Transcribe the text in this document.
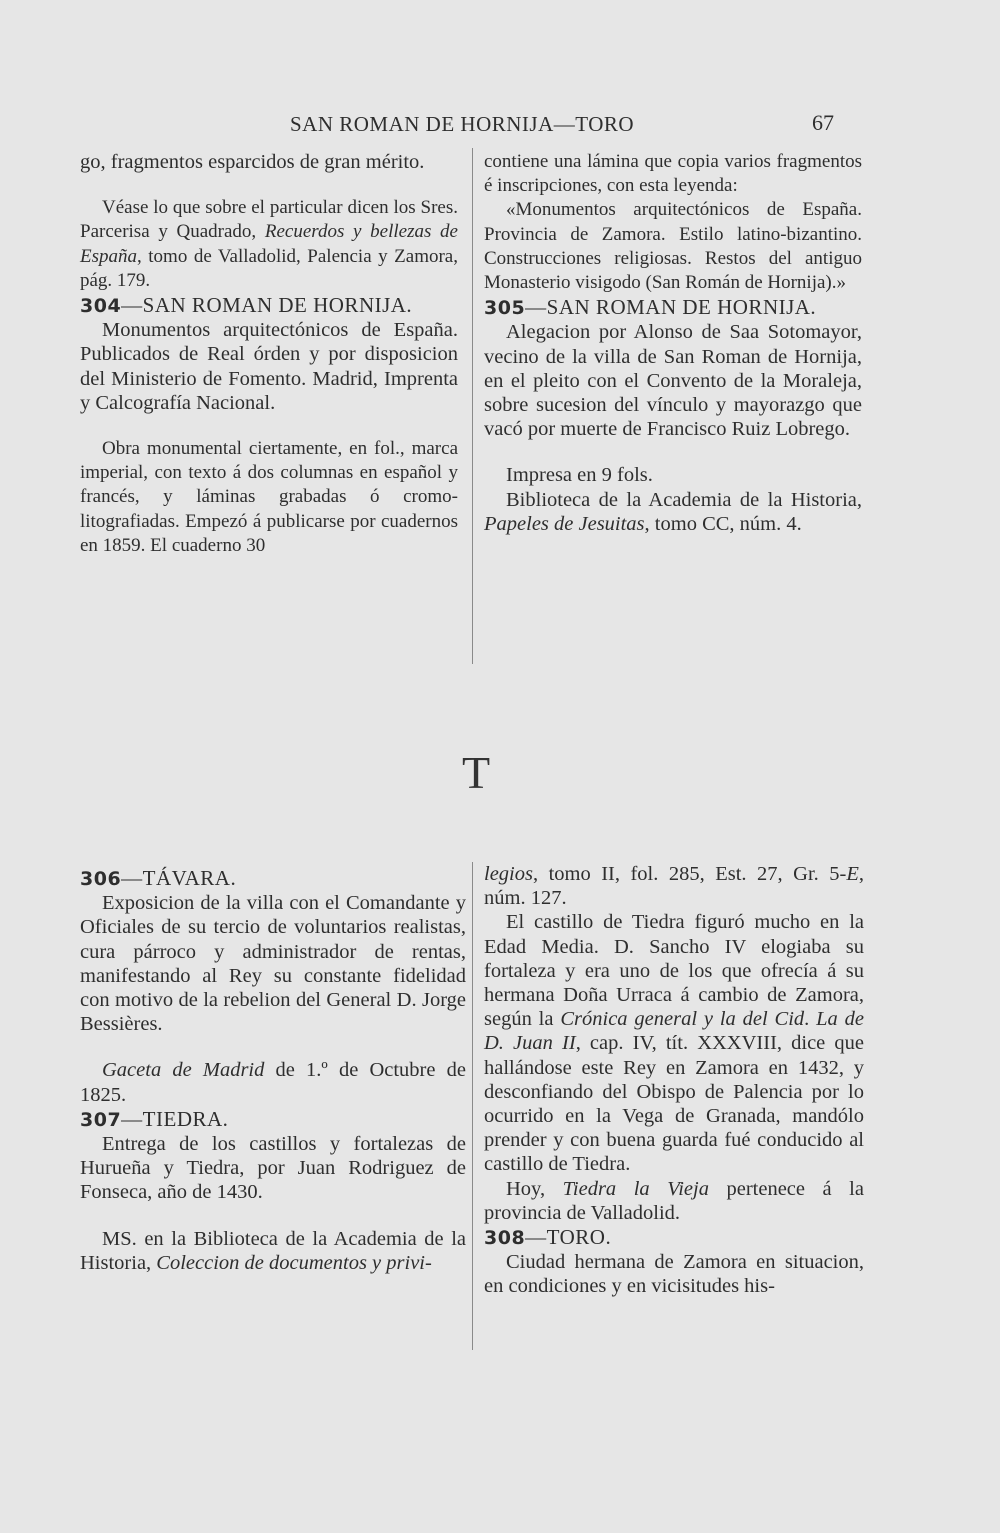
SAN ROMAN DE HORNIJA—TORO	67

go, fragmentos esparcidos de gran mérito.

Véase lo que sobre el particular dicen los Sres. Parcerisa y Quadrado, Recuerdos y bellezas de España, tomo de Valladolid, Palencia y Zamora, pág. 179.

304—SAN ROMAN DE HORNIJA.

Monumentos arquitectónicos de España. Publicados de Real órden y por disposicion del Ministerio de Fomento. Madrid, Imprenta y Calcografía Nacional.

Obra monumental ciertamente, en fol., marca imperial, con texto á dos columnas en español y francés, y láminas grabadas ó cromo-litografiadas. Empezó á publicarse por cuadernos en 1859. El cuaderno 30

contiene una lámina que copia varios fragmentos é inscripciones, con esta leyenda:

«Monumentos arquitectónicos de España. Provincia de Zamora. Estilo latino-bizantino. Construcciones religiosas. Restos del antiguo Monasterio visigodo (San Román de Hornija).»

305—SAN ROMAN DE HORNIJA.

Alegacion por Alonso de Saa Sotomayor, vecino de la villa de San Roman de Hornija, en el pleito con el Convento de la Moraleja, sobre sucesion del vínculo y mayorazgo que vacó por muerte de Francisco Ruiz Lobrego.

Impresa en 9 fols.

Biblioteca de la Academia de la Historia, Papeles de Jesuitas, tomo CC, núm. 4.

T

306—TÁVARA.

Exposicion de la villa con el Comandante y Oficiales de su tercio de voluntarios realistas, cura párroco y administrador de rentas, manifestando al Rey su constante fidelidad con motivo de la rebelion del General D. Jorge Bessières.

Gaceta de Madrid de 1.º de Octubre de 1825.

307—TIEDRA.

Entrega de los castillos y fortalezas de Hurueña y Tiedra, por Juan Rodriguez de Fonseca, año de 1430.

MS. en la Biblioteca de la Academia de la Historia, Coleccion de documentos y privi-

legios, tomo II, fol. 285, Est. 27, Gr. 5-E, núm. 127.

El castillo de Tiedra figuró mucho en la Edad Media. D. Sancho IV elogiaba su fortaleza y era uno de los que ofrecía á su hermana Doña Urraca á cambio de Zamora, según la Crónica general y la del Cid. La de D. Juan II, cap. IV, tít. XXXVIII, dice que hallándose este Rey en Zamora en 1432, y desconfiando del Obispo de Palencia por lo ocurrido en la Vega de Granada, mandólo prender y con buena guarda fué conducido al castillo de Tiedra.

Hoy, Tiedra la Vieja pertenece á la provincia de Valladolid.

308—TORO.

Ciudad hermana de Zamora en situacion, en condiciones y en vicisitudes his-
